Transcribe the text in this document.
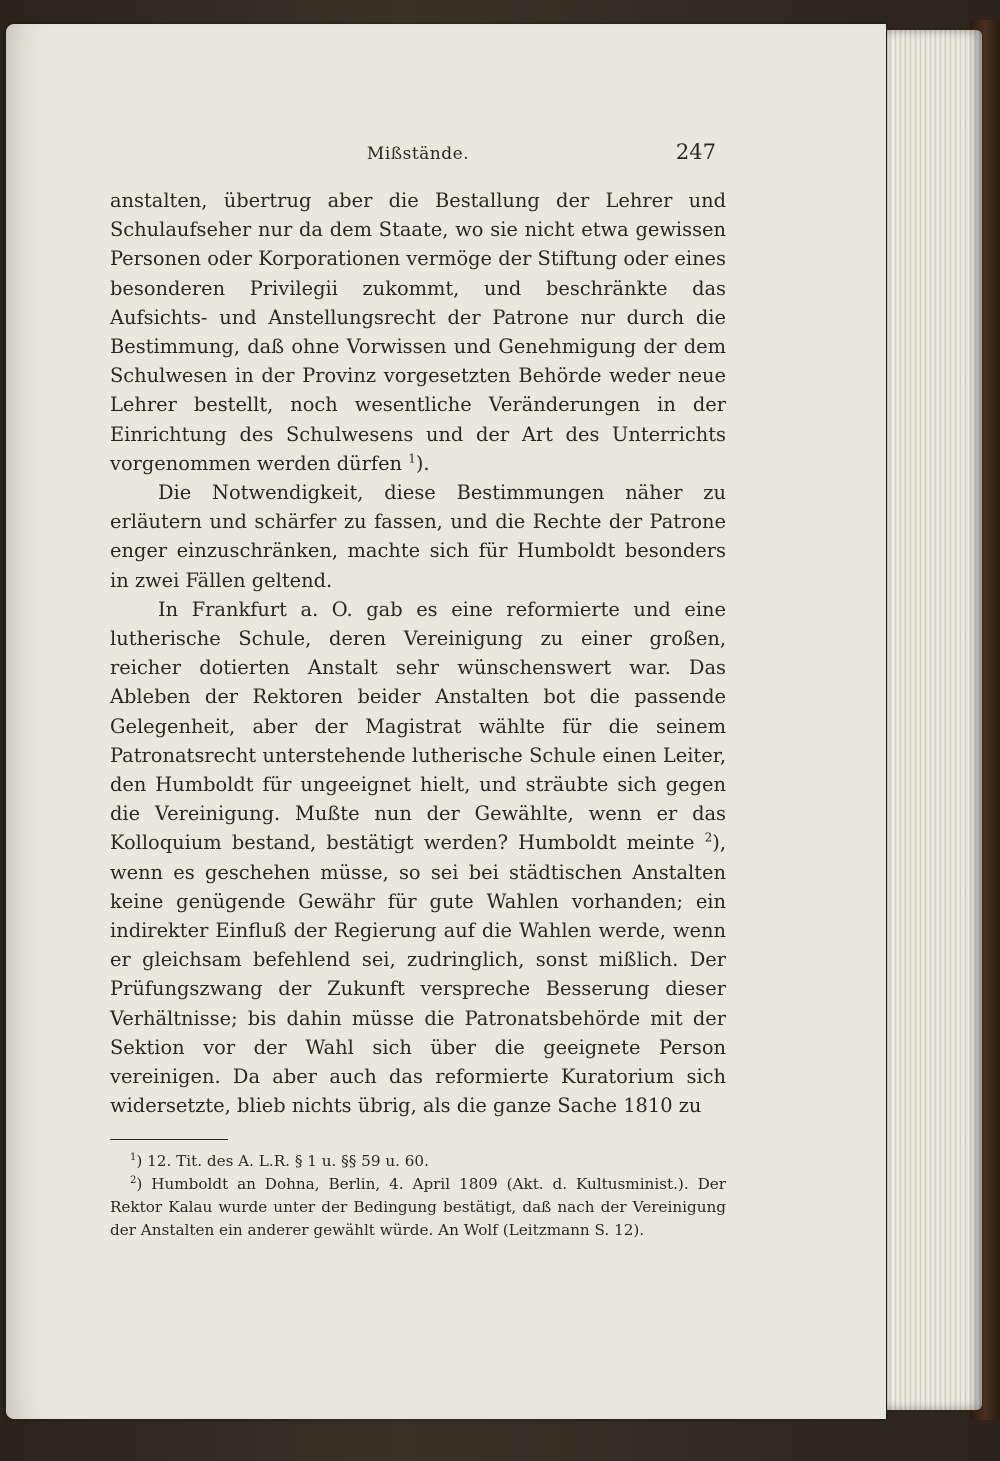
Mißstände.	247

anstalten, übertrug aber die Bestallung der Lehrer und Schulaufseher nur da dem Staate, wo sie nicht etwa gewissen Personen oder Korporationen vermöge der Stiftung oder eines besonderen Privilegii zukommt, und beschränkte das Aufsichts- und Anstellungsrecht der Patrone nur durch die Bestimmung, daß ohne Vorwissen und Genehmigung der dem Schulwesen in der Provinz vorgesetzten Behörde weder neue Lehrer bestellt, noch wesentliche Veränderungen in der Einrichtung des Schulwesens und der Art des Unterrichts vorgenommen werden dürfen $^1$).

Die Notwendigkeit, diese Bestimmungen näher zu erläutern und schärfer zu fassen, und die Rechte der Patrone enger einzuschränken, machte sich für Humboldt besonders in zwei Fällen geltend.

In Frankfurt a. O. gab es eine reformierte und eine lutherische Schule, deren Vereinigung zu einer großen, reicher dotierten Anstalt sehr wünschenswert war. Das Ableben der Rektoren beider Anstalten bot die passende Gelegenheit, aber der Magistrat wählte für die seinem Patronatsrecht unterstehende lutherische Schule einen Leiter, den Humboldt für ungeeignet hielt, und sträubte sich gegen die Vereinigung. Mußte nun der Gewählte, wenn er das Kolloquium bestand, bestätigt werden? Humboldt meinte $^2$), wenn es geschehen müsse, so sei bei städtischen Anstalten keine genügende Gewähr für gute Wahlen vorhanden; ein indirekter Einfluß der Regierung auf die Wahlen werde, wenn er gleichsam befehlend sei, zudringlich, sonst mißlich. Der Prüfungszwang der Zukunft verspreche Besserung dieser Verhältnisse; bis dahin müsse die Patronatsbehörde mit der Sektion vor der Wahl sich über die geeignete Person vereinigen. Da aber auch das reformierte Kuratorium sich widersetzte, blieb nichts übrig, als die ganze Sache 1810 zu

$^1$) 12. Tit. des A. L.R. § 1 u. §§ 59 u. 60.

$^2$) Humboldt an Dohna, Berlin, 4. April 1809 (Akt. d. Kultusminist.). Der Rektor Kalau wurde unter der Bedingung bestätigt, daß nach der Vereinigung der Anstalten ein anderer gewählt würde. An Wolf (Leitzmann S. 12).
